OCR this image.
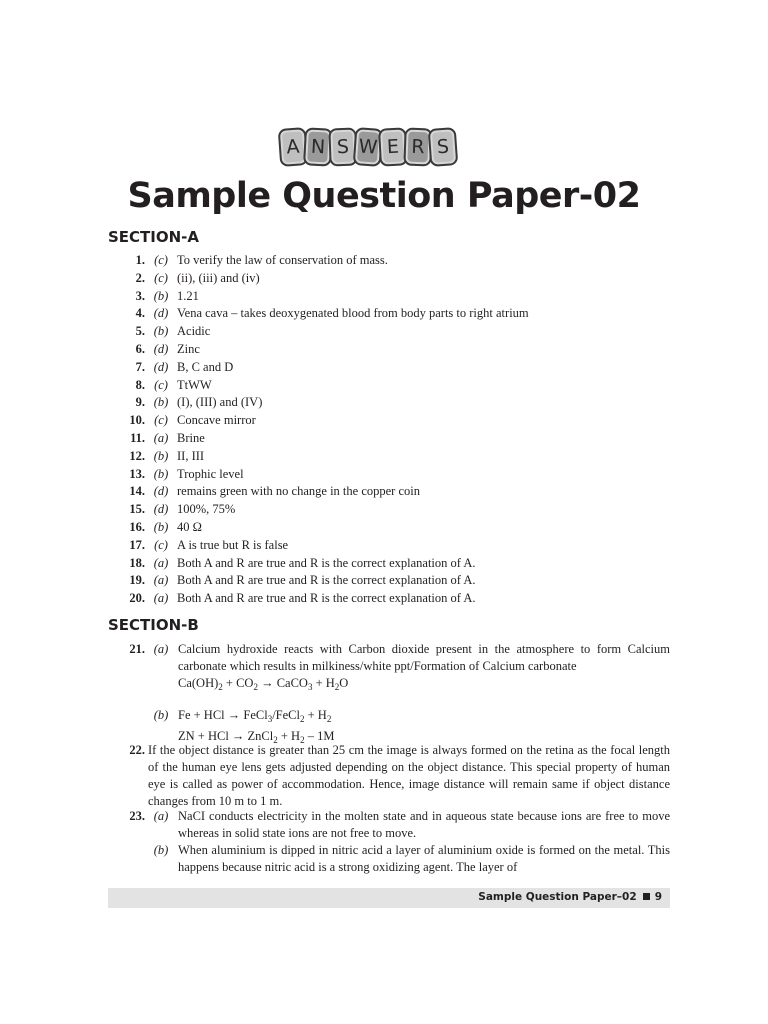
A N S W E R S
Sample Question Paper-02
SECTION-A
1. (c) To verify the law of conservation of mass.
2. (c) (ii), (iii) and (iv)
3. (b) 1.21
4. (d) Vena cava – takes deoxygenated blood from body parts to right atrium
5. (b) Acidic
6. (d) Zinc
7. (d) B, C and D
8. (c) TtWW
9. (b) (I), (III) and (IV)
10. (c) Concave mirror
11. (a) Brine
12. (b) II, III
13. (b) Trophic level
14. (d) remains green with no change in the copper coin
15. (d) 100%, 75%
16. (b) 40 Ω
17. (c) A is true but R is false
18. (a) Both A and R are true and R is the correct explanation of A.
19. (a) Both A and R are true and R is the correct explanation of A.
20. (a) Both A and R are true and R is the correct explanation of A.
SECTION-B
21. (a) Calcium hydroxide reacts with Carbon dioxide present in the atmosphere to form Calcium carbonate which results in milkiness/white ppt/Formation of Calcium carbonate
$Ca(OH)_2 + CO_2$ → CaCO$_3$ + $H_2O$
(b) Fe + HCl → FeCl$_3$/FeCl$_2$ + $H_2$
ZN + HCl → ZnCl$_2$ + $H_2 - 1M$
22. If the object distance is greater than 25 cm the image is always formed on the retina as the focal length of the human eye lens gets adjusted depending on the object distance. This special property of human eye is called as power of accommodation. Hence, image distance will remain same if object distance changes from 10 m to 1 m.
23. (a) NaCI conducts electricity in the molten state and in aqueous state because ions are free to move whereas in solid state ions are not free to move.
(b) When aluminium is dipped in nitric acid a layer of aluminium oxide is formed on the metal. This happens because nitric acid is a strong oxidizing agent. The layer of
Sample Question Paper–02 9
